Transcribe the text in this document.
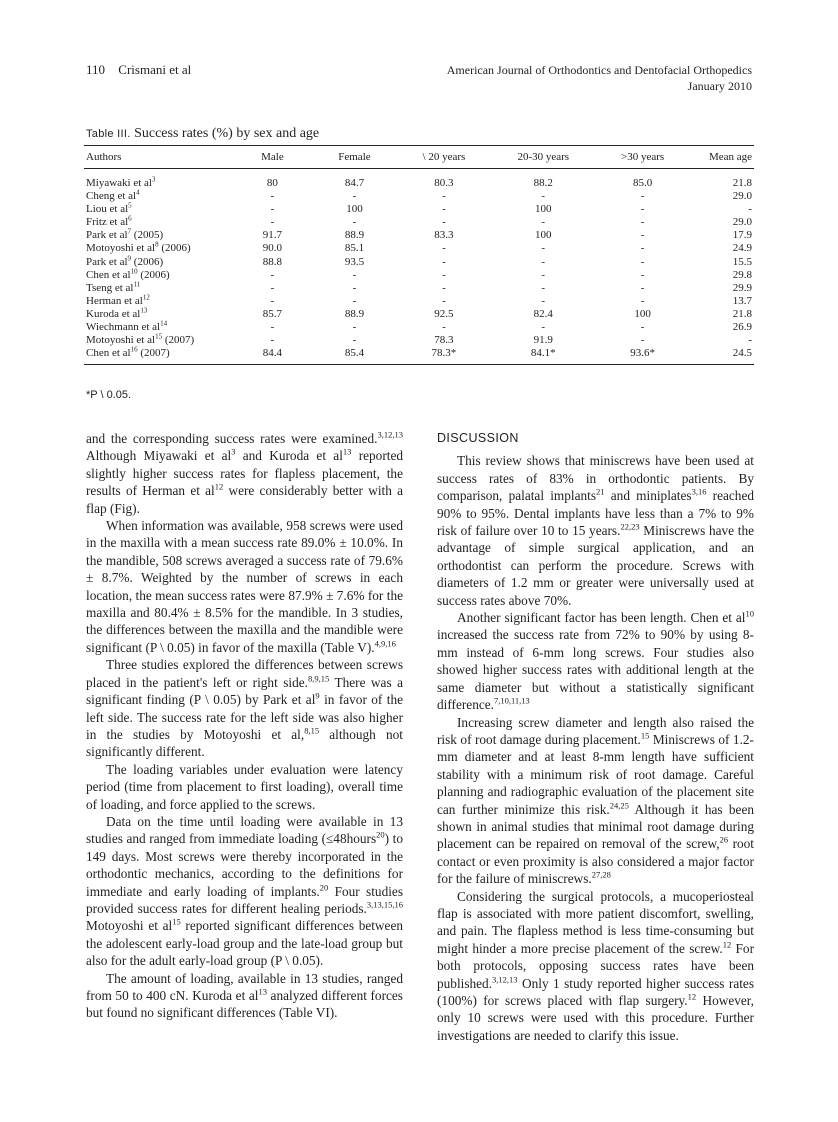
110 Crismani et al	American Journal of Orthodontics and Dentofacial Orthopedics
January 2010
Table III. Success rates (%) by sex and age
Authors	Male	Female	\ 20 years	20-30 years	>30 years	Mean age
Miyawaki et $al^3$	80	84.7	80.3	88.2	85.0	21.8
Cheng et $al^4$	-	-	-	-	-	29.0
Liou et $al^5$	-	100	-	100	-	-
Fritz et $al^6$	-	-	-	-	-	29.0
Park et $al^7$ (2005)	91.7	88.9	83.3	100	-	17.9
Motoyoshi et $al^8$ (2006)	90.0	85.1	-	-	-	24.9
Park et $al^9$ (2006)	88.8	93.5	-	-	-	15.5
Chen et $al^{10}$ (2006)	-	-	-	-	-	29.8
Tseng et $al^{11}$	-	-	-	-	-	29.9
Herman et $al^{12}$	-	-	-	-	-	13.7
Kuroda et $al^{13}$	85.7	88.9	92.5	82.4	100	21.8
Wiechmann et $al^{14}$	-	-	-	-	-	26.9
Motoyoshi et $al^{15}$ (2007)	-	-	78.3	91.9	-	-
Chen et $al^{16}$ (2007)	84.4	85.4	78.3*	84.1*	93.6*	24.5
*P \ 0.05.

and the corresponding success rates were examined.$^{3,12,13}$ Although Miyawaki et $al^3$ and Kuroda et $al^{13}$ reported slightly higher success rates for flapless placement, the results of Herman et $al^{12}$ were considerably better with a flap (Fig).

When information was available, 958 screws were used in the maxilla with a mean success rate 89.0% ± 10.0%. In the mandible, 508 screws averaged a success rate of 79.6% ± 8.7%. Weighted by the number of screws in each location, the mean success rates were 87.9% ± 7.6% for the maxilla and 80.4% ± 8.5% for the mandible. In 3 studies, the differences between the maxilla and the mandible were significant (P \ 0.05) in favor of the maxilla (Table V).$^{4,9,16}$

Three studies explored the differences between screws placed in the patient's left or right side.$^{8,9,15}$ There was a significant finding (P \ 0.05) by Park et $al^9$ in favor of the left side. The success rate for the left side was also higher in the studies by Motoyoshi et al,$^{8,15}$ although not significantly different.

The loading variables under evaluation were latency period (time from placement to first loading), overall time of loading, and force applied to the screws.

Data on the time until loading were available in 13 studies and ranged from immediate loading (≤48hours$^{20}$) to 149 days. Most screws were thereby incorporated in the orthodontic mechanics, according to the definitions for immediate and early loading of implants.$^{20}$ Four studies provided success rates for different healing periods.$^{3,13,15,16}$ Motoyoshi et $al^{15}$ reported significant differences between the adolescent early-load group and the late-load group but also for the adult early-load group (P \ 0.05).

The amount of loading, available in 13 studies, ranged from 50 to 400 cN. Kuroda et $al^{13}$ analyzed different forces but found no significant differences (Table VI).

DISCUSSION

This review shows that miniscrews have been used at success rates of 83% in orthodontic patients. By comparison, palatal implants$^{21}$ and miniplates$^{3,16}$ reached 90% to 95%. Dental implants have less than a 7% to 9% risk of failure over 10 to 15 years.$^{22,23}$ Miniscrews have the advantage of simple surgical application, and an orthodontist can perform the procedure. Screws with diameters of 1.2 mm or greater were universally used at success rates above 70%.

Another significant factor has been length. Chen et $al^{10}$ increased the success rate from 72% to 90% by using 8-mm instead of 6-mm long screws. Four studies also showed higher success rates with additional length at the same diameter but without a statistically significant difference.$^{7,10,11,13}$

Increasing screw diameter and length also raised the risk of root damage during placement.$^{15}$ Miniscrews of 1.2-mm diameter and at least 8-mm length have sufficient stability with a minimum risk of root damage. Careful planning and radiographic evaluation of the placement site can further minimize this risk.$^{24,25}$ Although it has been shown in animal studies that minimal root damage during placement can be repaired on removal of the screw,$^{26}$ root contact or even proximity is also considered a major factor for the failure of miniscrews.$^{27,28}$

Considering the surgical protocols, a mucoperiosteal flap is associated with more patient discomfort, swelling, and pain. The flapless method is less time-consuming but might hinder a more precise placement of the screw.$^{12}$ For both protocols, opposing success rates have been published.$^{3,12,13}$ Only 1 study reported higher success rates (100%) for screws placed with flap surgery.$^{12}$ However, only 10 screws were used with this procedure. Further investigations are needed to clarify this issue.
